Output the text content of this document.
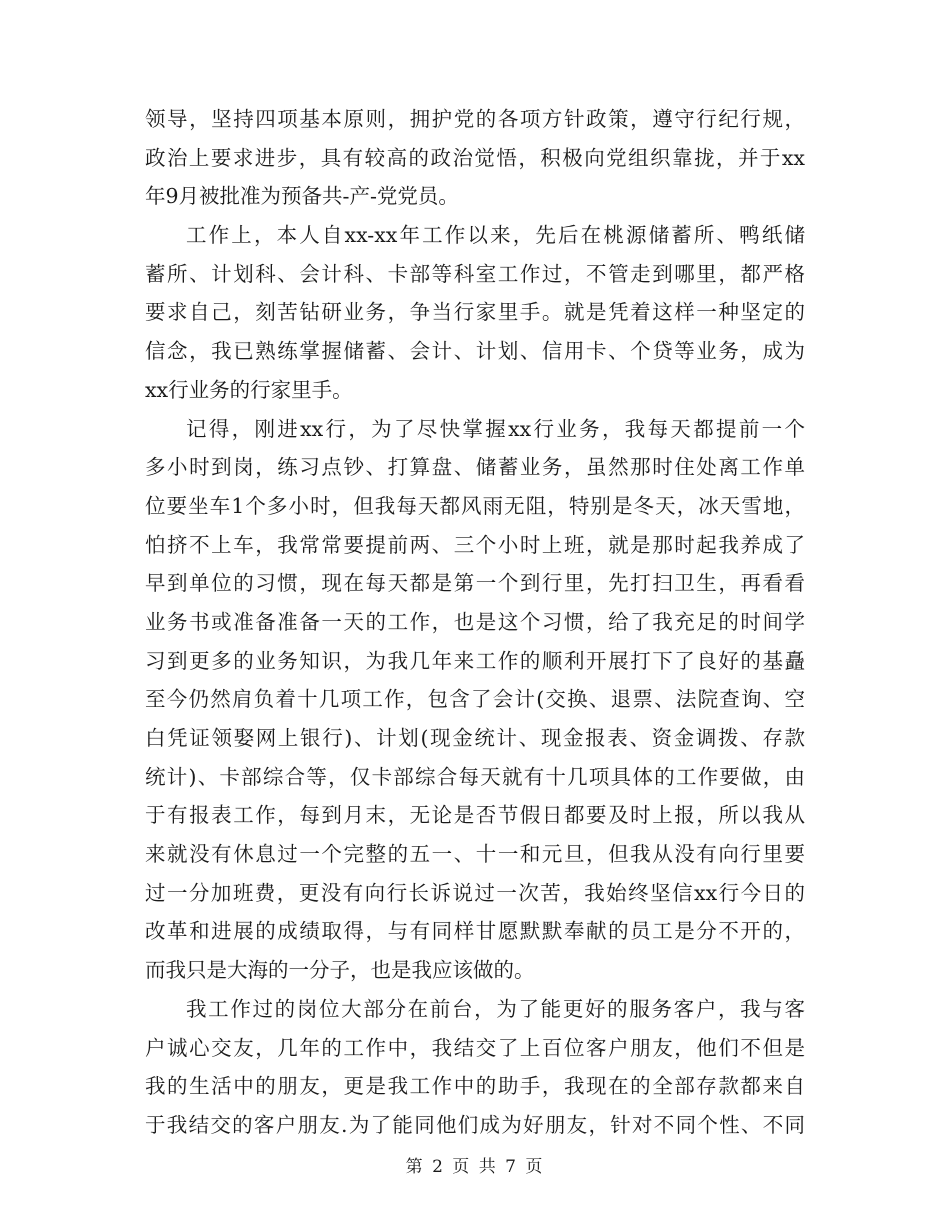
领导，坚持四项基本原则，拥护党的各项方针政策，遵守行纪行规，
政治上要求进步，具有较高的政治觉悟，积极向党组织靠拢，并于xx
年9月被批准为预备共-产-党党员。
工作上，本人自xx-xx年工作以来，先后在桃源储蓄所、鸭纸储
蓄所、计划科、会计科、卡部等科室工作过，不管走到哪里，都严格
要求自己，刻苦钻研业务，争当行家里手。就是凭着这样一种坚定的
信念，我已熟练掌握储蓄、会计、计划、信用卡、个贷等业务，成为
xx行业务的行家里手。
记得，刚进xx行，为了尽快掌握xx行业务，我每天都提前一个
多小时到岗，练习点钞、打算盘、储蓄业务，虽然那时住处离工作单
位要坐车1个多小时，但我每天都风雨无阻，特别是冬天，冰天雪地，
怕挤不上车，我常常要提前两、三个小时上班，就是那时起我养成了
早到单位的习惯，现在每天都是第一个到行里，先打扫卫生，再看看
业务书或准备准备一天的工作，也是这个习惯，给了我充足的时间学
习到更多的业务知识，为我几年来工作的顺利开展打下了良好的基矗
至今仍然肩负着十几项工作，包含了会计(交换、退票、法院查询、空
白凭证领娶网上银行)、计划(现金统计、现金报表、资金调拨、存款
统计)、卡部综合等，仅卡部综合每天就有十几项具体的工作要做，由
于有报表工作，每到月末，无论是否节假日都要及时上报，所以我从
来就没有休息过一个完整的五一、十一和元旦，但我从没有向行里要
过一分加班费，更没有向行长诉说过一次苦，我始终坚信xx行今日的
改革和进展的成绩取得，与有同样甘愿默默奉献的员工是分不开的，
而我只是大海的一分子，也是我应该做的。
我工作过的岗位大部分在前台，为了能更好的服务客户，我与客
户诚心交友，几年的工作中，我结交了上百位客户朋友，他们不但是
我的生活中的朋友，更是我工作中的助手，我现在的全部存款都来自
于我结交的客户朋友.为了能同他们成为好朋友，针对不同个性、不同
第 2 页 共 7 页
